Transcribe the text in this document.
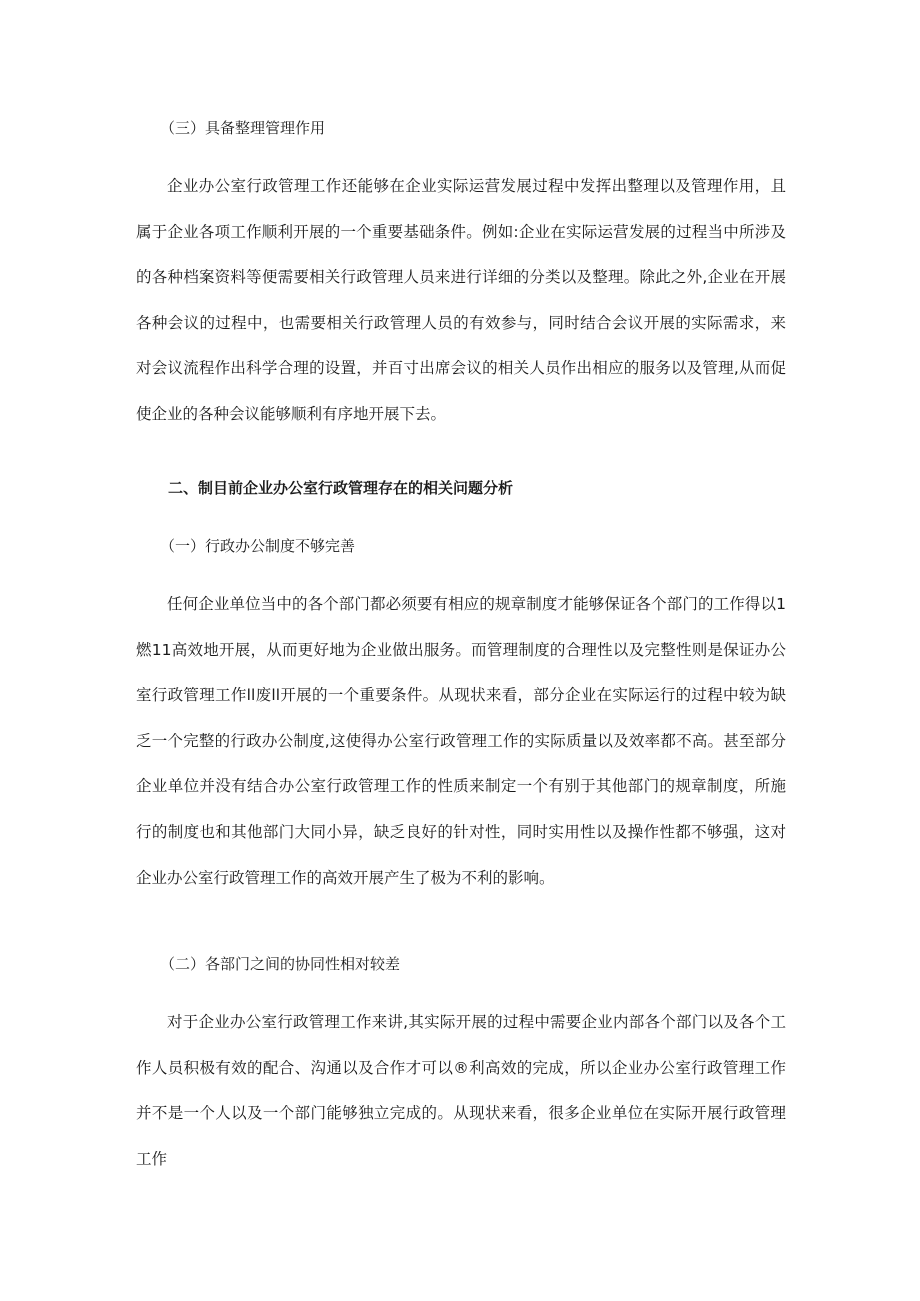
（三）具备整理管理作用

企业办公室行政管理工作还能够在企业实际运营发展过程中发挥出整理以及管理作用，且属于企业各项工作顺利开展的一个重要基础条件。例如:企业在实际运营发展的过程当中所涉及的各种档案资料等便需要相关行政管理人员来进行详细的分类以及整理。除此之外,企业在开展各种会议的过程中，也需要相关行政管理人员的有效参与，同时结合会议开展的实际需求，来对会议流程作出科学合理的设置，并百寸出席会议的相关人员作出相应的服务以及管理,从而促使企业的各种会议能够顺利有序地开展下去。

二、制目前企业办公室行政管理存在的相关问题分析
（一）行政办公制度不够完善

任何企业单位当中的各个部门都必须要有相应的规章制度才能够保证各个部门的工作得以1燃11高效地开展，从而更好地为企业做出服务。而管理制度的合理性以及完整性则是保证办公室行政管理工作ll废ll开展的一个重要条件。从现状来看，部分企业在实际运行的过程中较为缺乏一个完整的行政办公制度,这使得办公室行政管理工作的实际质量以及效率都不高。甚至部分企业单位并没有结合办公室行政管理工作的性质来制定一个有别于其他部门的规章制度，所施行的制度也和其他部门大同小异，缺乏良好的针对性，同时实用性以及操作性都不够强，这对企业办公室行政管理工作的高效开展产生了极为不利的影响。

（二）各部门之间的协同性相对较差

对于企业办公室行政管理工作来讲,其实际开展的过程中需要企业内部各个部门以及各个工作人员积极有效的配合、沟通以及合作才可以®利高效的完成，所以企业办公室行政管理工作并不是一个人以及一个部门能够独立完成的。从现状来看，很多企业单位在实际开展行政管理工作
